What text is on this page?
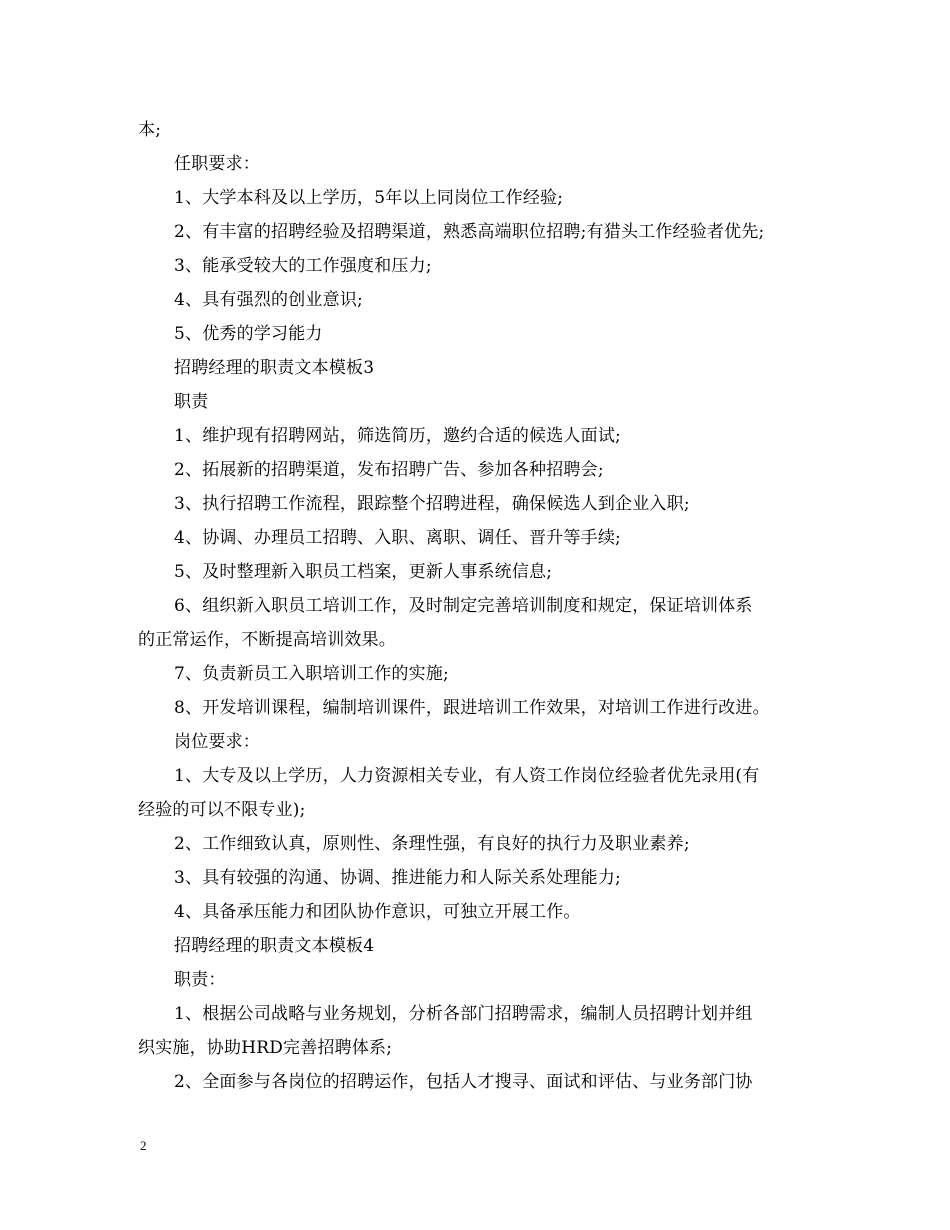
本;
任职要求：
1、大学本科及以上学历，5年以上同岗位工作经验;
2、有丰富的招聘经验及招聘渠道，熟悉高端职位招聘;有猎头工作经验者优先;
3、能承受较大的工作强度和压力;
4、具有强烈的创业意识;
5、优秀的学习能力
招聘经理的职责文本模板3
职责
1、维护现有招聘网站，筛选简历，邀约合适的候选人面试;
2、拓展新的招聘渠道，发布招聘广告、参加各种招聘会;
3、执行招聘工作流程，跟踪整个招聘进程，确保候选人到企业入职;
4、协调、办理员工招聘、入职、离职、调任、晋升等手续;
5、及时整理新入职员工档案，更新人事系统信息;
6、组织新入职员工培训工作，及时制定完善培训制度和规定，保证培训体系
的正常运作，不断提高培训效果。
7、负责新员工入职培训工作的实施;
8、开发培训课程，编制培训课件，跟进培训工作效果，对培训工作进行改进。
岗位要求：
1、大专及以上学历，人力资源相关专业，有人资工作岗位经验者优先录用(有
经验的可以不限专业);
2、工作细致认真，原则性、条理性强，有良好的执行力及职业素养;
3、具有较强的沟通、协调、推进能力和人际关系处理能力;
4、具备承压能力和团队协作意识，可独立开展工作。
招聘经理的职责文本模板4
职责：
1、根据公司战略与业务规划，分析各部门招聘需求，编制人员招聘计划并组
织实施，协助HRD完善招聘体系;
2、全面参与各岗位的招聘运作，包括人才搜寻、面试和评估、与业务部门协
2
